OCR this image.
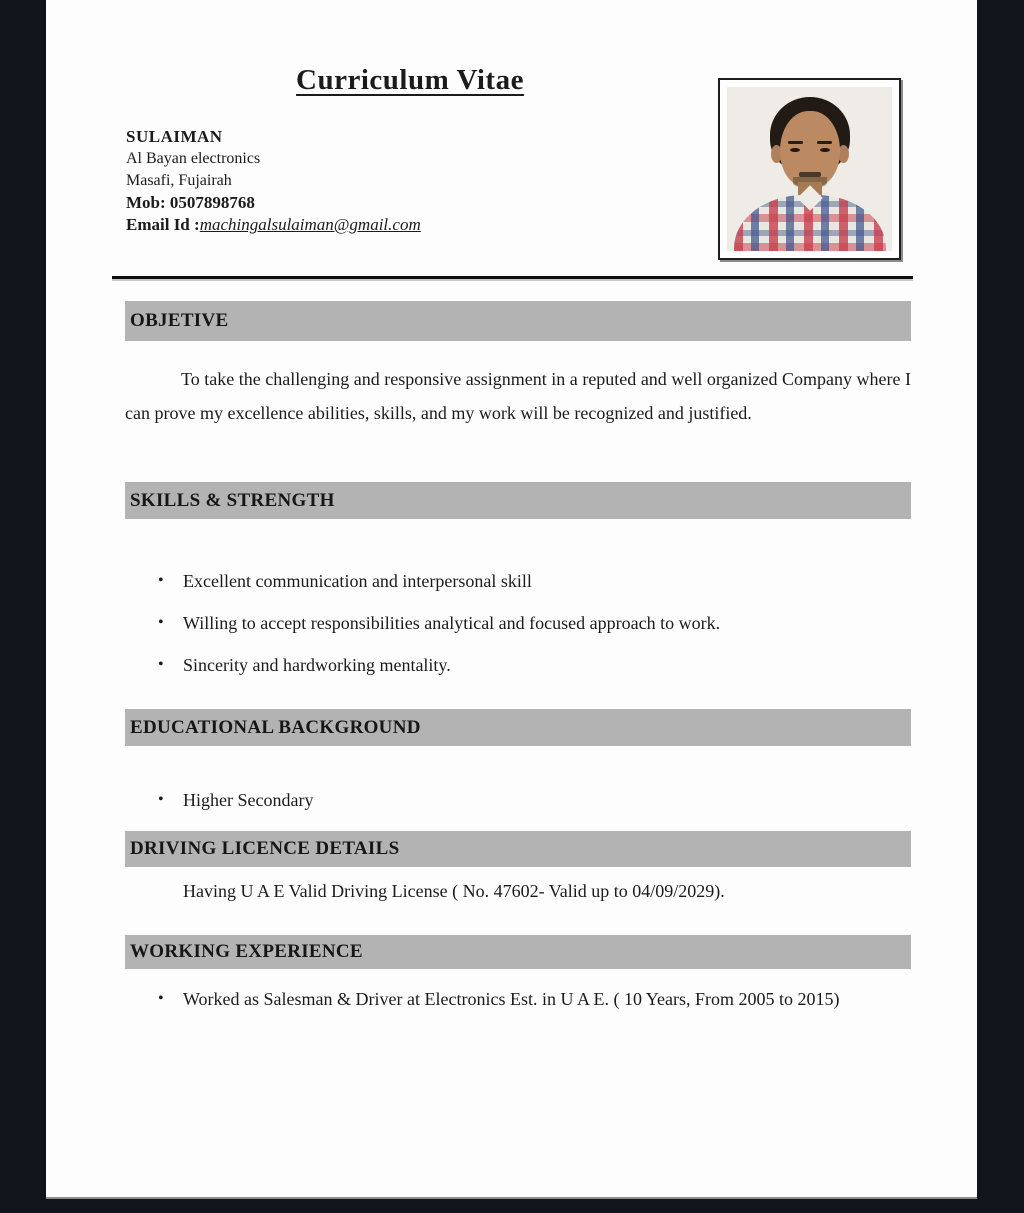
Curriculum Vitae
SULAIMAN
Al Bayan electronics
Masafi, Fujairah
Mob: 0507898768
Email Id :machingalsulaiman@gmail.com
OBJETIVE
To take the challenging and responsive assignment in a reputed and well organized Company where I can prove my excellence abilities, skills, and my work will be recognized and justified.
SKILLS & STRENGTH
•	Excellent communication and interpersonal skill
•	Willing to accept responsibilities analytical and focused approach to work.
•	Sincerity and hardworking mentality.
EDUCATIONAL BACKGROUND
•	Higher Secondary
DRIVING LICENCE DETAILS
Having U A E Valid Driving License ( No. 47602- Valid up to 04/09/2029).
WORKING EXPERIENCE
•	Worked as Salesman & Driver at Electronics Est. in U A E. ( 10 Years, From 2005 to 2015)
